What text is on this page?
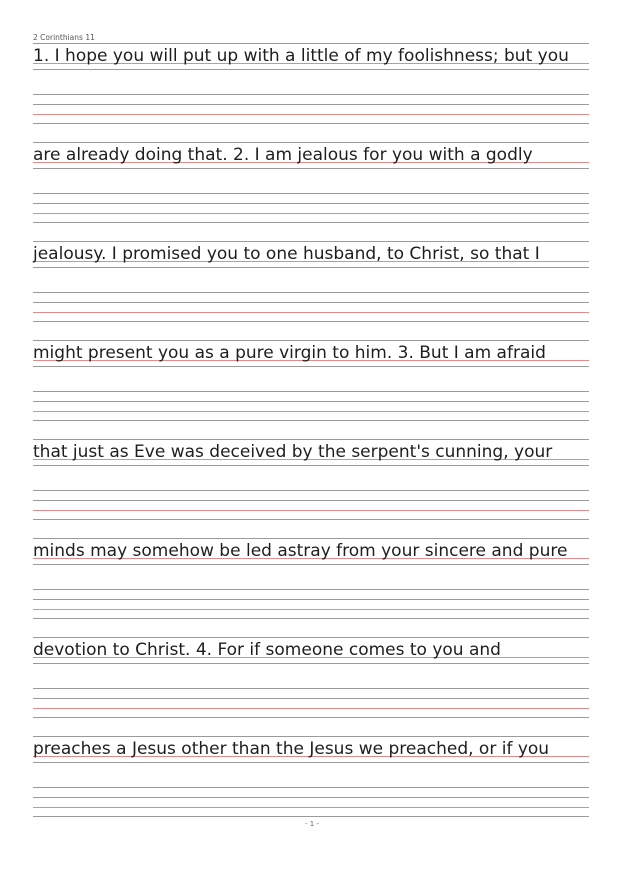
2 Corinthians 11
1. I hope you will put up with a little of my foolishness; but you
are already doing that. 2. I am jealous for you with a godly
jealousy. I promised you to one husband, to Christ, so that I
might present you as a pure virgin to him. 3. But I am afraid
that just as Eve was deceived by the serpent's cunning, your
minds may somehow be led astray from your sincere and pure
devotion to Christ. 4. For if someone comes to you and
preaches a Jesus other than the Jesus we preached, or if you
- 1 -
